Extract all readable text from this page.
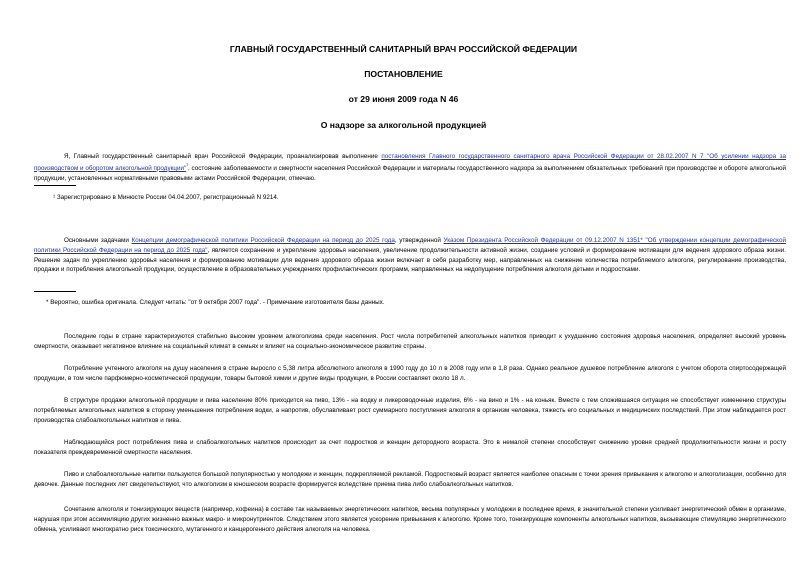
ГЛАВНЫЙ ГОСУДАРСТВЕННЫЙ САНИТАРНЫЙ ВРАЧ РОССИЙСКОЙ ФЕДЕРАЦИИ
ПОСТАНОВЛЕНИЕ
от 29 июня 2009 года N 46
О надзоре за алкогольной продукцией
Я, Главный государственный санитарный врач Российской Федерации, проанализировав выполнение постановления Главного государственного санитарного врача Российской Федерации от 28.02.2007 N 7 "Об усилении надзора за производством и оборотом алкогольной продукции"$^{^1}$, состояние заболеваемости и смертности населения Российской Федерации и материалы государственного надзора за выполнением обязательных требований при производстве и обороте алкогольной продукции, установленных нормативными правовыми актами Российской Федерации, отмечаю.
¹ Зарегистрировано в Минюсте России 04.04.2007, регистрационный N 9214.
Основными задачами Концепции демографической политики Российской Федерации на период до 2025 года, утвержденной Указом Президента Российской Федерации от 09.12.2007 N 1351* "Об утверждении концепции демографической политики Российской Федерации на период до 2025 года", является сохранение и укрепление здоровья населения, увеличение продолжительности активной жизни, создание условий и формирование мотивации для ведения здорового образа жизни. Решение задач по укреплению здоровья населения и формированию мотивации для ведения здорового образа жизни включает в себя разработку мер, направленных на снижение количества потребляемого алкоголя, регулирование производства, продажи и потребления алкогольной продукции, осуществление в образовательных учреждениях профилактических программ, направленных на недопущение потребления алкоголя детьми и подростками.
* Вероятно, ошибка оригинала. Следует читать: "от 9 октября 2007 года". - Примечание изготовителя базы данных.
Последние годы в стране характеризуются стабильно высоким уровнем алкоголизма среди населения. Рост числа потребителей алкогольных напитков приводит к ухудшению состояния здоровья населения, определяет высокий уровень смертности, оказывает негативное влияние на социальный климат в семьях и влияет на социально-экономическое развитие страны.
Потребление учтенного алкоголя на душу населения в стране выросло с 5,38 литра абсолютного алкоголя в 1990 году до 10 л в 2008 году или в 1,8 раза. Однако реальное душевое потребление алкоголя с учетом оборота спиртосодержащей продукции, в том числе парфюмерно-косметической продукции, товары бытовой химии и другие виды продукции, в России составляет около 18 л.
В структуре продажи алкогольной продукции и пива население 80% приходится на пиво, 13% - на водку и ликероводочные изделия, 6% - на вино и 1% - на коньяк. Вместе с тем сложившаяся ситуация не способствует изменению структуры потребляемых алкогольных напитков в сторону уменьшения потребления водки, а напротив, обуславливает рост суммарного поступления алкоголя в организм человека, тяжесть его социальных и медицинских последствий. При этом наблюдается рост производства слабоалкогольных напитков и пива.
Наблюдающийся рост потребления пива и слабоалкогольных напитков происходит за счет подростков и женщин детородного возраста. Это в немалой степени способствует снижению уровня средней продолжительности жизни и росту показателя преждевременной смертности населения.
Пиво и слабоалкогольные напитки пользуются большой популярностью у молодежи и женщин, подкрепляемой рекламой. Подростковый возраст является наиболее опасным с точки зрения привыкания к алкоголю и алкоголизации, особенно для девочек. Данные последних лет свидетельствуют, что алкоголизм в юношеском возрасте формируется вследствие приема пива либо слабоалкогольных напитков.
Сочетание алкоголя и тонизирующих веществ (например, кофеина) в составе так называемых энергетических напитков, весьма популярных у молодежи в последнее время, в значительной степени усиливает энергетический обмен в организме, нарушая при этом ассимиляцию других жизненно важных макро- и микронутриентов. Следствием этого является ускорение привыкания к алкоголю. Кроме того, тонизирующие компоненты алкогольных напитков, вызывающие стимуляцию энергетического обмена, усиливают многократно риск токсического, мутагенного и канцерогенного действия алкоголя на человека.
